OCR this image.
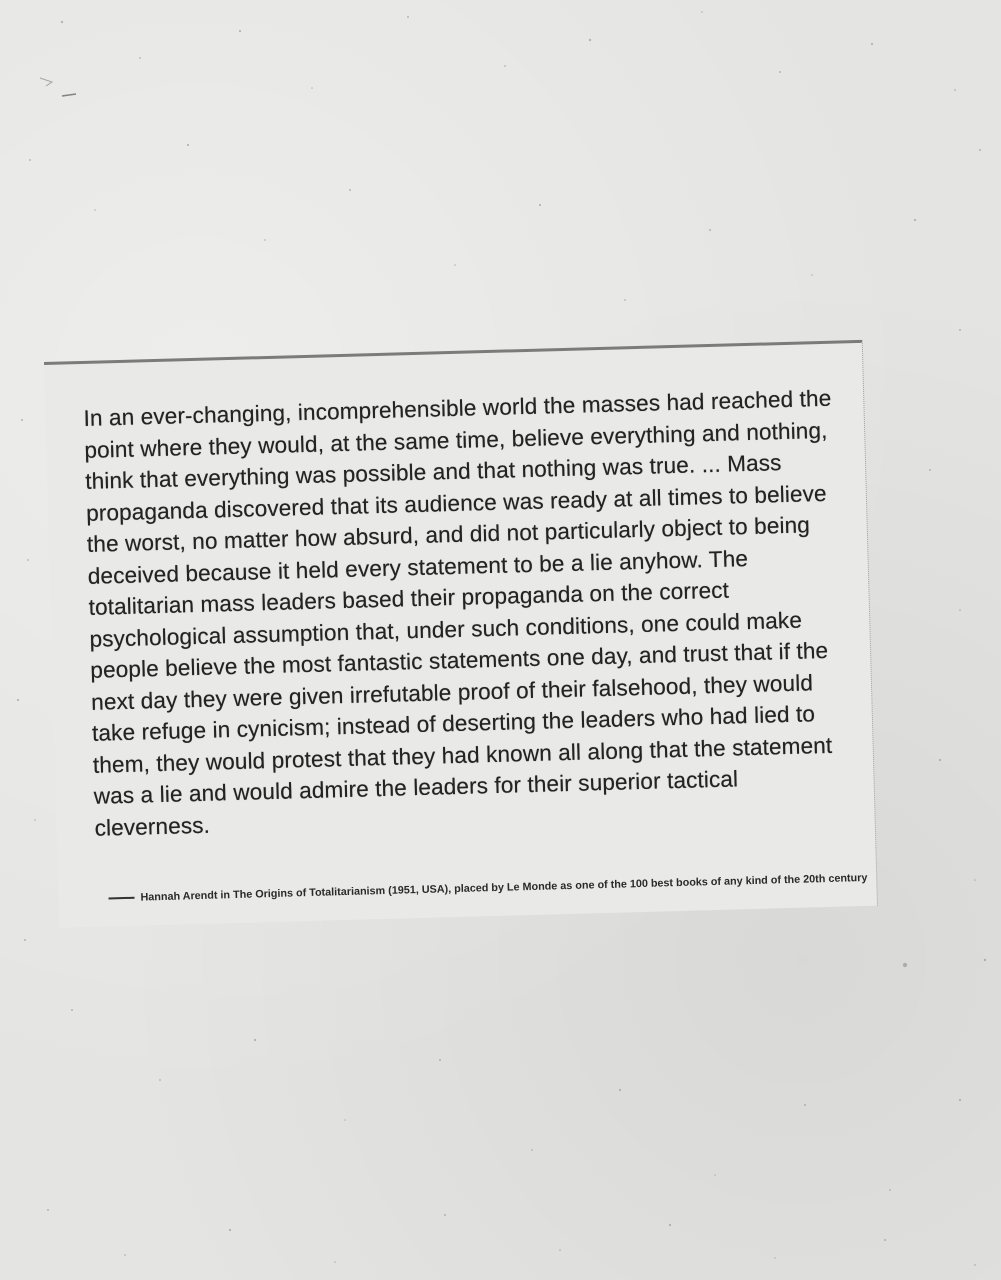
In an ever-changing, incomprehensible world the masses had reached the point where they would, at the same time, believe everything and nothing, think that everything was possible and that nothing was true. ... Mass propaganda discovered that its audience was ready at all times to believe the worst, no matter how absurd, and did not particularly object to being deceived because it held every statement to be a lie anyhow. The totalitarian mass leaders based their propaganda on the correct psychological assumption that, under such conditions, one could make people believe the most fantastic statements one day, and trust that if the next day they were given irrefutable proof of their falsehood, they would take refuge in cynicism; instead of deserting the leaders who had lied to them, they would protest that they had known all along that the statement was a lie and would admire the leaders for their superior tactical cleverness.

Hannah Arendt in The Origins of Totalitarianism (1951, USA), placed by Le Monde as one of the 100 best books of any kind of the 20th century
